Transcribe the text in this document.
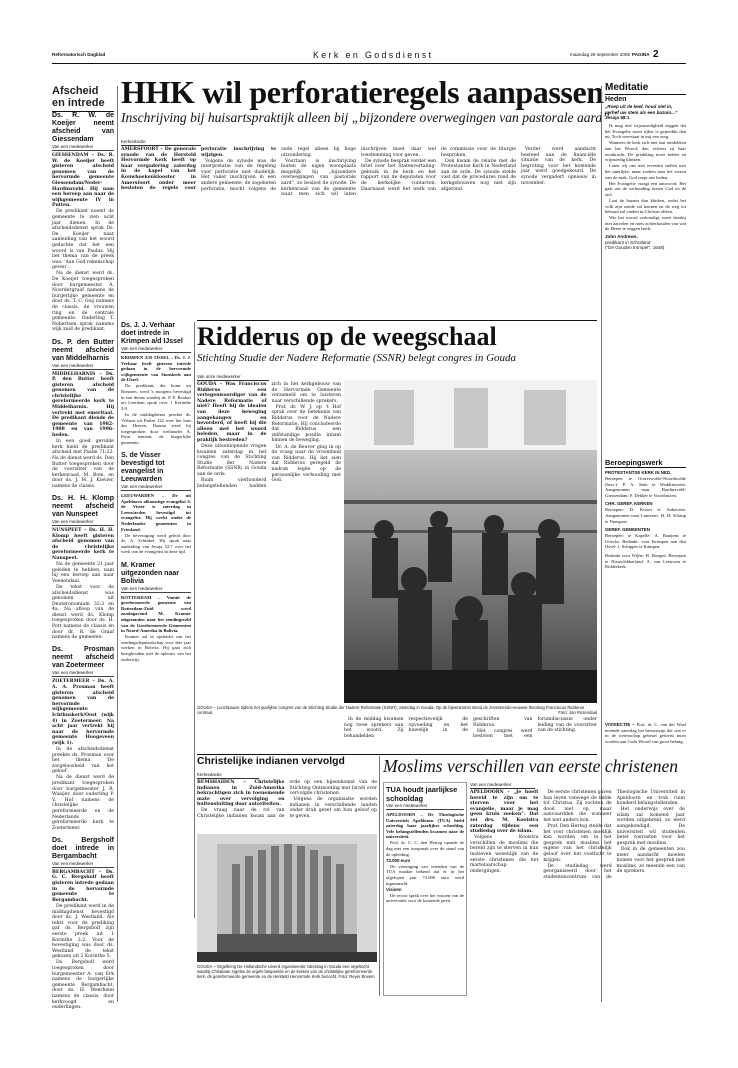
Reformatorisch Dagblad	Kerk en Godsdienst	maandag 26 september 2005 PAGINA 2
Afscheid
en intrede
Ds. R. W. de Koeijer neemt afscheid van Giessendam
Van een medewerker

GIESSENDAM – Ds. R. W. de Koeijer heeft gisteren afscheid genomen van de hervormde gemeente Giessendam/Neder-Hardinxveld. Hij nam een beroep aan naar de wijkgemeente IV in Putten.

De predikant noemt de gemeente te zien acht jaar dienen. In de afscheidsdienst sprak Ds. De Koeijer naar aanleiding van het woord gedachte dat het een woord is van Paulus. Hij liet thema van de preek was: 'Aan God rekenschap geven'.

Na de dienst werd ds. De Koeijer toegesproken door burgemeester A. Noordergraaf namens de burgerlijke gemeente en door ds. T. C. Goij namens de classis, de vrouwen ring en de centrale gemeente. Ouderling T. Nobertsen sprak namens wijk zuid de predikant.

Ds. P. den Butter neemt afscheid van Middelharnis
Van een medewerker

MIDDELHARNIS – Ds. P. den Butter heeft gisteren afscheid genomen van de christelijke gereformeerde kerk te Middelharnis. Hij vertrekt met emeritaat. De predikant diende de gemeente van 1982-1988 en van 1996-heden.

In een goed gevulde kerk hield de predikant afscheid met Psalm 71:22. Na de dienst werd ds. Den Butter toegesproken door de voorzitter van de kerkenraad, M. Bom, en door ds. J. M. J. Kievier, namens de classis.

Ds. H. H. Klomp neemt afscheid van Nunspeet
Van een medewerker

NUNSPEET – Ds. H. H. Klomp heeft gisteren afscheid genomen van de christelijke gereformeerde kerk te Nunspeet.

Na de gemeente 21 jaar geleden te hebben, nam hij een beroep aan naar Veenendaal.

De tekst voor de afscheidsdienst was genomen uit Deuteronomium 32:3 en 4a. Na afloop van de dienst werd ds. Klomp toegesproken door ds. H. Pott namens de classis en door dr. R. de Graaf namens de gemeente.

Ds. Prosman neemt afscheid van Zoetermeer
Van een medewerker

ZOETERMEER – Ds. A. A. A. Prosman heeft gisteren afscheid genomen van de hervormde wijkgemeente Ichthuskerk/Oost (wijk 4) in Zoetermeer. Na acht jaar vertrekt hij naar de hervormde gemeente Hoogeveen (wijk 1).

In de afscheidsdienst preekte ds. Prosman over het thema 'De zorgeloosheid van het geloof'.

Na de dienst werd de predikant toegesproken door burgemeester J. R. Waaijer, door ouderling P. V. Hof namens de christelijke gereformeerde en de Nederlands gereformeerde kerk te Zoetermeer.

Ds. Bergsholf doet intrede in Bergambacht
Van een medewerker

BERGAMBACHT – Ds. G. C. Bergsholf heeft gisteren intrede gedaan in de hervormde gemeente te Bergambacht.

De predikant werd in de middagdienst bevestigd door ds. J. Westland. Als tekst voor de prediking gaf ds. Bergsholf zijn eerste preek uit 1 Korinthe 2:2. Voor de bevestiging was door ds. Westland de tekst gekozen uit 2 Korinthe 5.

Ds. Bergsholf werd toegesproken door burgemeester A. van Erk namens de burgerlijke gemeente Bergambacht, door ds. H. Weerheim namens de classis, door kerkvoogd en ouderlingen.

HHK wil perforatieregels aanpassen
Inschrijving bij huisartspraktijk alleen bij „bijzondere overwegingen van pastorale aard”
Kerkredactie

AMERSFOORT – De generale synode van de Hersteld Hervormde Kerk heeft op haar vergadering zaterdag in de kapel van het Kouwhoekenklooster in Amersfoort onder meer besloten de regels voor perforatie inschrijving te wijzigen.

Volgens de synode was de interpretatie van de regeling voor perforatie niet duidelijk. Het vaker inschrijven in een andere gemeente, de zogeheten perforatie, mocht volgens de oude regel alleen bij hoge uitzondering.

Voortaan is inschrijving buiten de eigen woonplaats mogelijk bij „bijzondere overwegingen van pastorale aard”, zo besloot de synode. De kerkenraad van de gemeente waar men zich wil laten inschrijven moet daar wel toestemming voor geven.

De synode besprak verder een brief over het Statenvertaling-gebruik in de kerk en het rapport van de deputaten voor de kerkelijke contacten. Daarnaast werd het werk van de commissie voor de liturgie besproken.

Ook kwam de relatie met de Protestantse Kerk in Nederland aan de orde. De synode stelde vast dat de procedures rond de kerkgebouwen nog niet zijn afgerond.

Verder werd aandacht besteed aan de financiële situatie van de kerk. De begroting voor het komende jaar werd goedgekeurd. De synode vergadert opnieuw in november.

Ds. J. J. Verhaar doet intrede in Krimpen a/d IJssel
Van een medewerker

KRIMPEN A/D IJSSEL – Ds. J. J. Verhaar heeft gisteren intrede gedaan in de hervormde wijkgemeente van Sionskerk aan de IJssel.

De predikant, die komt uit Ronssen, werd 's morgens bevestigd in een dienst waarbij ds. P. P. Rooker uit Leerdam sprak over 1 Korinthe 3:9.

In de middagdienst preekte ds. Verhaar uit Psalm 122 over het huis des Heeren. Daarna werd hij toegesproken door wethouder A. Prins namens de burgerlijke gemeente.

S. de Visser bevestigd tot evangelist in Leeuwarden
Van een medewerker

LEEUWARDEN – De uit Apeldoorn afkomstige evangelist S. de Visser is zaterdag in Leeuwarden bevestigd tot evangelist. Hij werkt onder de Nederlandse gemeenten in Friesland.

De bevestiging werd geleid door ds. A. Schinkel. Hij sprak naar aanleiding van Jesaja 52:7 over het werk van de evangelist in deze tijd.

M. Kramer uitgezonden naar Bolivia
Van een medewerker

ROTTERDAM – Vanuit de gereformeerde gemeente van Rotterdam-Zuid werd zondagavond M. Kramer uitgezonden naar het zendingsveld van de Gereformeerde Gemeenten in Noord-Amerika in Bolivia.

Kramer zal in opdracht van het zendingsdeputaatschap voor drie jaar werken in Bolivia. Hij gaat zich bezighouden met de opbouw van het onderwijs.

Ridderus op de weegschaal
Stichting Studie der Nadere Reformatie (SSNR) belegt congres in Gouda
Van onze medewerker

GOUDA – Was Franciscus Ridderus een vertegenwoordiger van de Nadere Reformatie of niet? Heeft hij de idealen van deze beweging aangehangen en bevorderd, of heeft hij die alleen met het woord beleden, maar in de praktijk bestreden?

Deze uiteenlopende vragen kwamen zaterdag in het congres van de Stichting Studie der Nadere Reformatie (SSNR) in Gouda aan de orde.

Ruim vierhonderd belangstellenden hadden zich in het kerkgebouw van de Hervormde Gemeente verzameld om te luisteren naar verschillende sprekers.

Prof. dr. W. J. op 't Hof sprak over de betekenis van Ridderus voor de Nadere Reformatie. Hij concludeerde dat Ridderus een zelfstandige positie innam binnen de beweging.

Dr. A. de Reuver ging in op de vraag naar de vroomheid van Ridderus. Hij liet zien dat Ridderus geregeld de nadruk legde op de persoonlijke verhouding met God.

GOUDA – Lunchpauze tijdens het jaarlijkse congres van de Stichting Studie der Nadere Reformatie (SSNR), zaterdag in Gouda. Op de bijeenkomst stond de zeventiende-eeuwse theoloog Franciscus Ridderus centraal.	Foto: Jan Rozendaal

In de middag kwamen nog twee sprekers aan het woord. Zij behandelden respectievelijk de opvoeding en het huwelijk in de geschriften van Ridderus.

Het congres werd besloten met een forumdiscussie onder leiding van de voorzitter van de stichting.

Christelijke indianen vervolgd
Kerkredactie

BEMSHAIDEN – Christelijke indianen in Zuid-Amerika bekrachtigen zich in toenemende mate over vervolging en buitensluiting door autoriteiten.

De vraag naar de rol van Christelijke indianen kwam aan de orde op een bijeenkomst van de Stichting Ontmoeting met Israël over vervolgde christenen.

Volgens de organisatie worden indianen in verschillende landen onder druk gezet om hun geloof op te geven.

GOUDA – Orgelkring De Hollandsche Uiverd organiseerde zaterdag in Gouda een orgeltocht waarbij Christiaan Ingelse de orgels bespeelde en de kerken van de christelijke gereformeerde kerk, de gereformeerde gemeente en de Hersteld Hervormde Kerk bezocht. Foto: Reyer Boxem
Moslims verschillen van eerste christenen
TUA houdt jaarlijkse schooldag
Van een medewerker

APELDOORN – De Theologische Universiteit Apeldoorn (TUA) hield zaterdag haar jaarlijkse schooldag. Vele belangstellenden kwamen naar de universiteit.

Prof. dr. C. C. den Hertog opende de dag met een toespraak over de stand van de opleiding.

72.000 euro

De vereniging van vrienden van de TUA maakte bekend dat er in het afgelopen jaar 72.000 euro werd ingezameld.

Visioen

De rector sprak over het visioen van de universiteit voor de komende jaren.

Van een medewerker

APELDOORN – „Je hoeft bereid te zijn om te sterven voor het evangelie, maar je mag geen kruis zoeken”. Dat zei drs. M. Kooistra zaterdag tijdens een studiedag over de islam.

Volgens Kooistra verschillen de moslims die bereid zijn te sterven in hun motieven wezenlijk van de eerste christenen die het martelaarschap ondergingen.

De eerste christenen gaven hun leven vanwege de liefde tot Christus. Zij zochten de dood niet op, maar aanvaardden die wanneer het niet anders kon.

Prof. Den Hertog stelde dat het voor christenen moeilijk kan worden om in het gesprek met moslims het eigene van het christelijk geloof over het voetlicht te krijgen.

De studiedag werd georganiseerd door het studentencentrum van de Theologische Universiteit in Apeldoorn en trok ruim honderd belangstellenden.

Het onderwijs over de islam zal komend jaar worden uitgebreid, zo werd aangekondigd. De universiteit wil studenten beter toerusten voor het gesprek met moslims.

Ook in de gemeenten zou meer aandacht moeten komen voor het gesprek met moslims, zo meende een van de sprekers.

Meditatie
Heden
„Roep uit de keel, houd niet in, verhef uw stem als een bazuin...”
Jesaja 58:1

Ik mag niet wijsmoedigheid zeggen dat het Evangelie nooit rijker is gepredikt dan nu. Toch weerstaat in mij een zorg.

Wanneer de kerk zich niet laat ontdekken aan het Woord, dan verliest zij haar zoutkracht. De prediking moet helder en vrijmoedig klinken.

Laten wij ons niet tevreden stellen met het uiterlijke, maar zoeken naar het wezen van de zaak. God roept ons heden.

Het Evangelie vraagt een antwoord. Het gaat om de verhouding tussen God en de ziel.

Laat de bazuin dan klinken, zodat het volk zijn zonde zal kennen en de weg tot behoud zal vinden in Christus alleen.

Wie het woord verkondigt, moet daarbij niet aarzelen en niets achterhouden van wat de Heere te zeggen heeft.

John Andrews,
predikant in Schotland
("De Gouden trompet", 1648)
Beroepingswerk
PROTESTANTSE KERK IN NED.
Beroepen te Oosterwolde-Noordwolde (herv.): P. A. Smit te Waddinxveen. Aangenomen naar Hardinxveld-Giessendam: F. Dekker te Voorthuizen.
CHR. GEREF. KERKEN
Beroepen: D. Kroon te Ankeveen. Aangenomen naar Lunteren: H. H. Klomp te Nunspeet.
GEREF. GEMEENTEN
Beroepen: te Kapelle: A. Baaijens te Utrecht. Bedankt: voor Krimpen aan den IJssel: J. Schipper te Kampen.
Bedankt voor Wijhe: H. Hoegen. Beroepen te Nieuwlekkerland: A. van Leeuwen te Ridderkerk.

VIVISECTIE – Prof. dr. C. van der Waal noemde zaterdag het bewustzijn dat wat er in de wetenschap gebeurt getoetst moet worden aan Gods Woord van groot belang.
